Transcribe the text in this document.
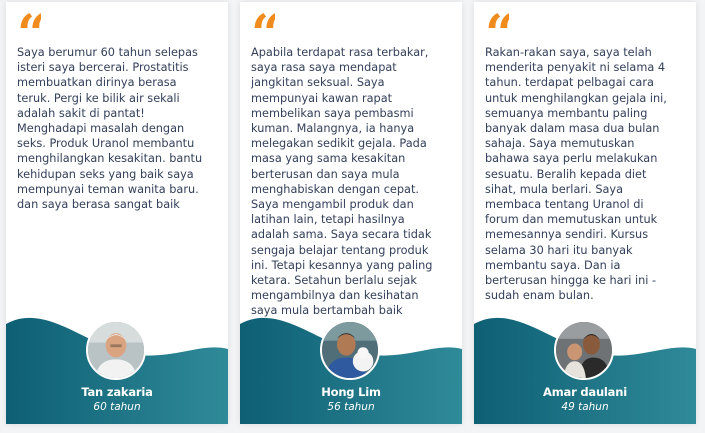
“
Saya berumur 60 tahun selepas
isteri saya bercerai. Prostatitis
membuatkan dirinya berasa
teruk. Pergi ke bilik air sekali
adalah sakit di pantat!
Menghadapi masalah dengan
seks. Produk Uranol membantu
menghilangkan kesakitan. bantu
kehidupan seks yang baik saya
mempunyai teman wanita baru.
dan saya berasa sangat baik
Tan zakaria
60 tahun
“
Apabila terdapat rasa terbakar,
saya rasa saya mendapat
jangkitan seksual. Saya
mempunyai kawan rapat
membelikan saya pembasmi
kuman. Malangnya, ia hanya
melegakan sedikit gejala. Pada
masa yang sama kesakitan
berterusan dan saya mula
menghabiskan dengan cepat.
Saya mengambil produk dan
latihan lain, tetapi hasilnya
adalah sama. Saya secara tidak
sengaja belajar tentang produk
ini. Tetapi kesannya yang paling
ketara. Setahun berlalu sejak
mengambilnya dan kesihatan
saya mula bertambah baik
Hong Lim
56 tahun
“
Rakan-rakan saya, saya telah
menderita penyakit ni selama 4
tahun. terdapat pelbagai cara
untuk menghilangkan gejala ini,
semuanya membantu paling
banyak dalam masa dua bulan
sahaja. Saya memutuskan
bahawa saya perlu melakukan
sesuatu. Beralih kepada diet
sihat, mula berlari. Saya
membaca tentang Uranol di
forum dan memutuskan untuk
memesannya sendiri. Kursus
selama 30 hari itu banyak
membantu saya. Dan ia
berterusan hingga ke hari ini -
sudah enam bulan.
Amar daulani
49 tahun
